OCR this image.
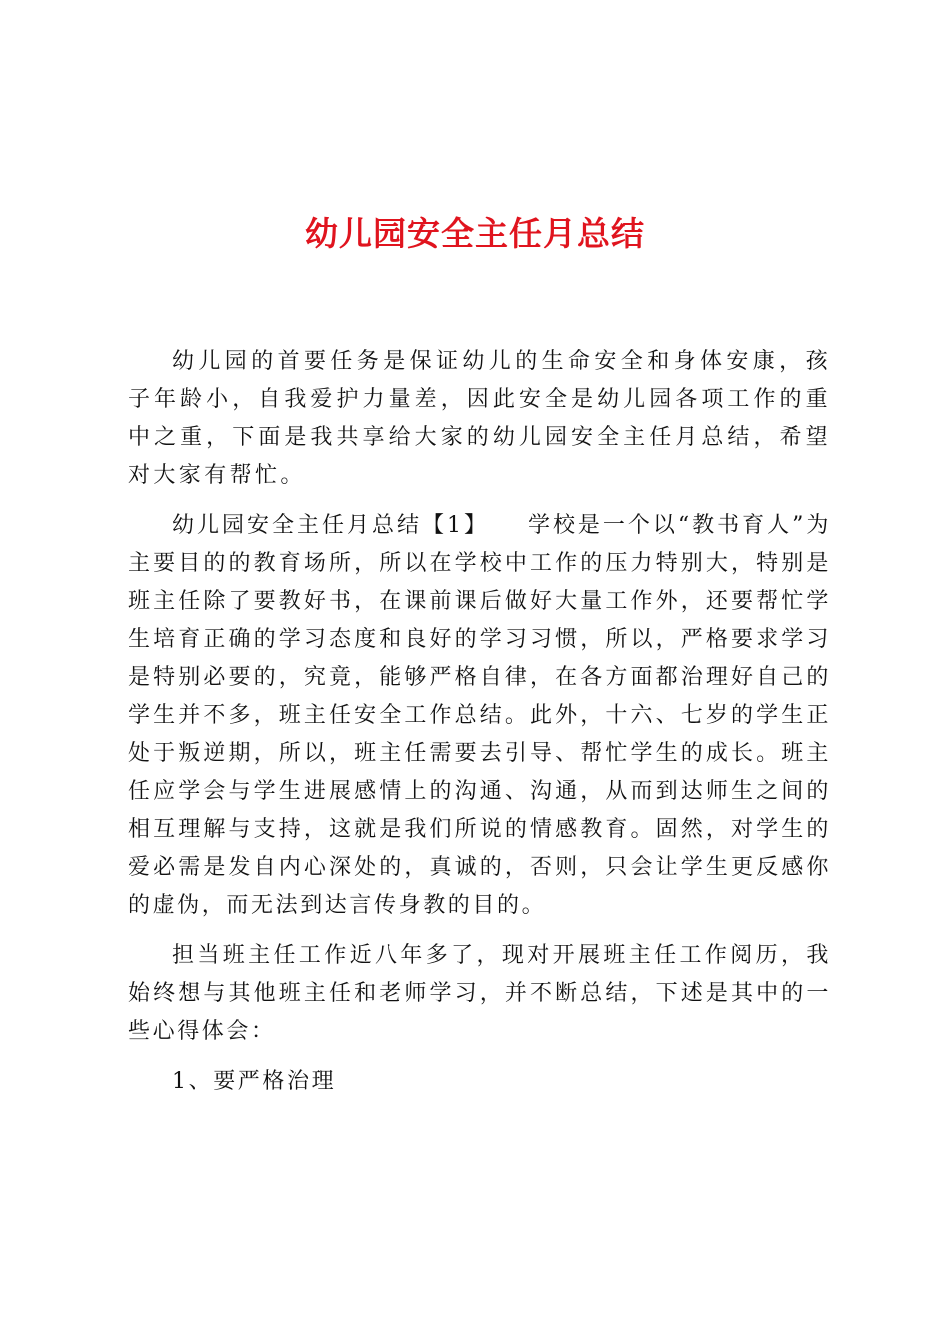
幼儿园安全主任月总结

幼儿园的首要任务是保证幼儿的生命安全和身体安康，孩子年龄小，自我爱护力量差，因此安全是幼儿园各项工作的重中之重，下面是我共享给大家的幼儿园安全主任月总结，希望对大家有帮忙。

幼儿园安全主任月总结【1】　　学校是一个以“教书育人”为主要目的的教育场所，所以在学校中工作的压力特别大，特别是班主任除了要教好书，在课前课后做好大量工作外，还要帮忙学生培育正确的学习态度和良好的学习习惯，所以，严格要求学习是特别必要的，究竟，能够严格自律，在各方面都治理好自己的学生并不多，班主任安全工作总结。此外，十六、七岁的学生正处于叛逆期，所以，班主任需要去引导、帮忙学生的成长。班主任应学会与学生进展感情上的沟通、沟通，从而到达师生之间的相互理解与支持，这就是我们所说的情感教育。固然，对学生的爱必需是发自内心深处的，真诚的，否则，只会让学生更反感你的虚伪，而无法到达言传身教的目的。

担当班主任工作近八年多了，现对开展班主任工作阅历，我始终想与其他班主任和老师学习，并不断总结，下述是其中的一些心得体会：

1、要严格治理
